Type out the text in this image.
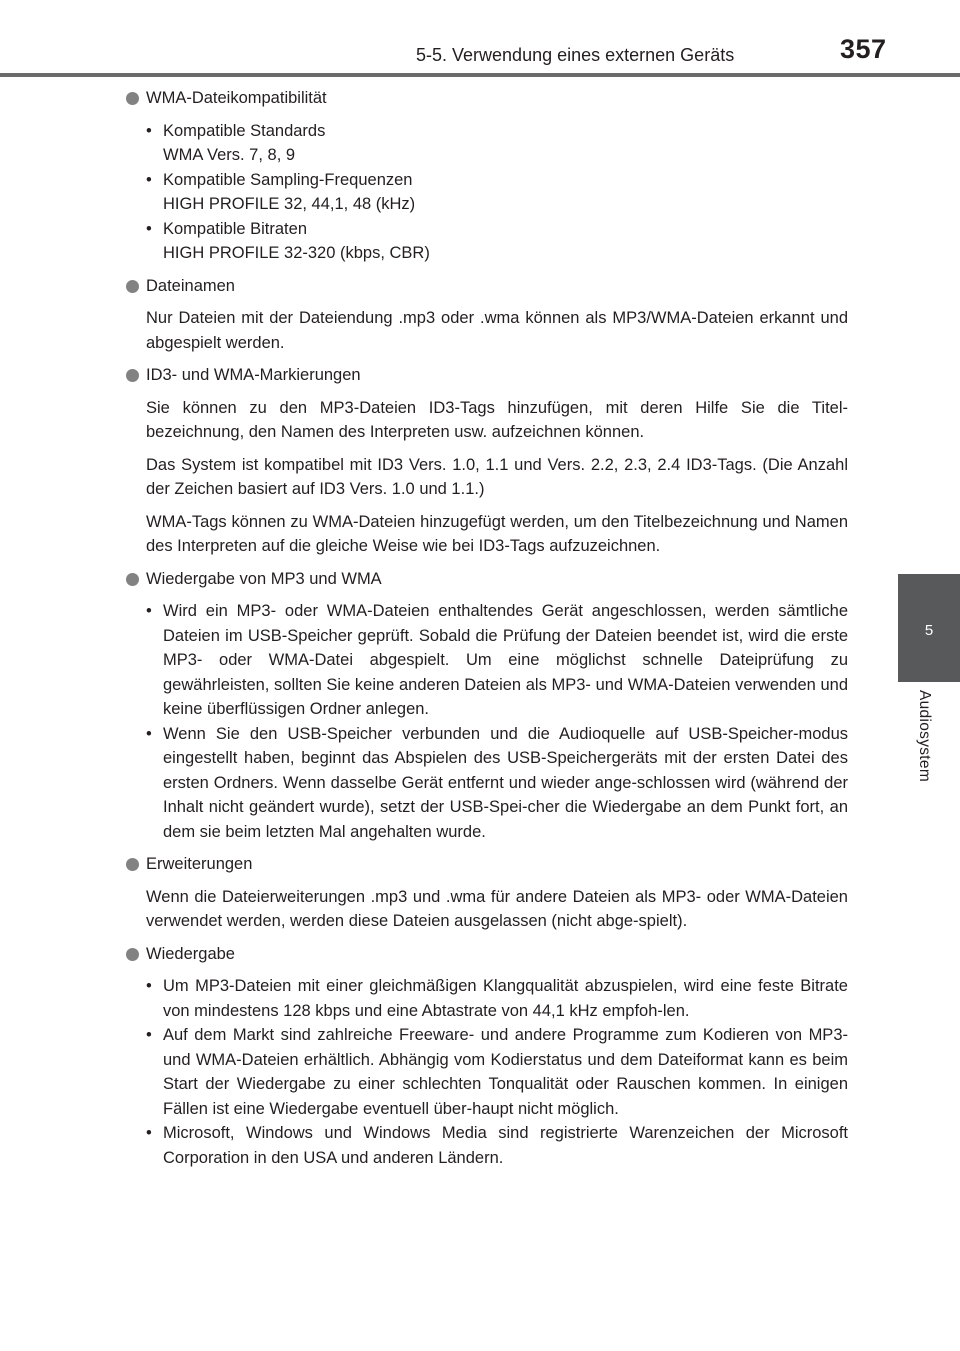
5-5. Verwendung eines externen Geräts	357
5
Audiosystem
WMA-Dateikompatibilität
• Kompatible Standards
WMA Vers. 7, 8, 9
• Kompatible Sampling-Frequenzen
HIGH PROFILE 32, 44,1, 48 (kHz)
• Kompatible Bitraten
HIGH PROFILE 32-320 (kbps, CBR)
Dateinamen
Nur Dateien mit der Dateiendung .mp3 oder .wma können als MP3/WMA-Dateien erkannt und abgespielt werden.
ID3- und WMA-Markierungen
Sie können zu den MP3-Dateien ID3-Tags hinzufügen, mit deren Hilfe Sie die Titel-bezeichnung, den Namen des Interpreten usw. aufzeichnen können.
Das System ist kompatibel mit ID3 Vers. 1.0, 1.1 und Vers. 2.2, 2.3, 2.4 ID3-Tags. (Die Anzahl der Zeichen basiert auf ID3 Vers. 1.0 und 1.1.)
WMA-Tags können zu WMA-Dateien hinzugefügt werden, um den Titelbezeichnung und Namen des Interpreten auf die gleiche Weise wie bei ID3-Tags aufzuzeichnen.
Wiedergabe von MP3 und WMA
• Wird ein MP3- oder WMA-Dateien enthaltendes Gerät angeschlossen, werden sämtliche Dateien im USB-Speicher geprüft. Sobald die Prüfung der Dateien beendet ist, wird die erste MP3- oder WMA-Datei abgespielt. Um eine möglichst schnelle Dateiprüfung zu gewährleisten, sollten Sie keine anderen Dateien als MP3- und WMA-Dateien verwenden und keine überflüssigen Ordner anlegen.
• Wenn Sie den USB-Speicher verbunden und die Audioquelle auf USB-Speicher-modus eingestellt haben, beginnt das Abspielen des USB-Speichergeräts mit der ersten Datei des ersten Ordners. Wenn dasselbe Gerät entfernt und wieder ange-schlossen wird (während der Inhalt nicht geändert wurde), setzt der USB-Spei-cher die Wiedergabe an dem Punkt fort, an dem sie beim letzten Mal angehalten wurde.
Erweiterungen
Wenn die Dateierweiterungen .mp3 und .wma für andere Dateien als MP3- oder WMA-Dateien verwendet werden, werden diese Dateien ausgelassen (nicht abge-spielt).
Wiedergabe
• Um MP3-Dateien mit einer gleichmäßigen Klangqualität abzuspielen, wird eine feste Bitrate von mindestens 128 kbps und eine Abtastrate von 44,1 kHz empfoh-len.
• Auf dem Markt sind zahlreiche Freeware- und andere Programme zum Kodieren von MP3- und WMA-Dateien erhältlich. Abhängig vom Kodierstatus und dem Dateiformat kann es beim Start der Wiedergabe zu einer schlechten Tonqualität oder Rauschen kommen. In einigen Fällen ist eine Wiedergabe eventuell über-haupt nicht möglich.
• Microsoft, Windows und Windows Media sind registrierte Warenzeichen der Microsoft Corporation in den USA und anderen Ländern.
